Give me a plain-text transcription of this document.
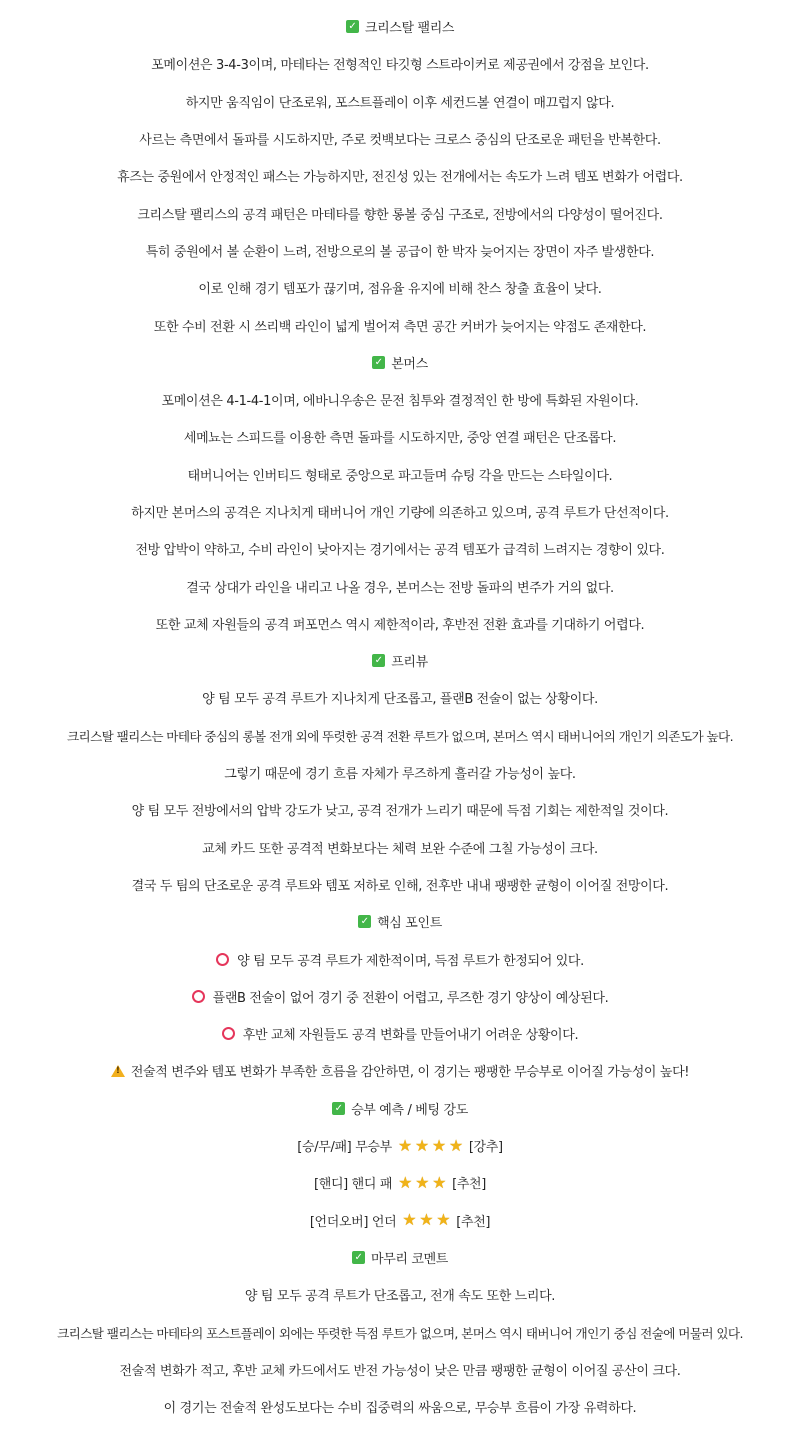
✓ 크리스탈 팰리스
포메이션은 3-4-3이며, 마테타는 전형적인 타깃형 스트라이커로 제공권에서 강점을 보인다.
하지만 움직임이 단조로워, 포스트플레이 이후 세컨드볼 연결이 매끄럽지 않다.
사르는 측면에서 돌파를 시도하지만, 주로 컷백보다는 크로스 중심의 단조로운 패턴을 반복한다.
휴즈는 중원에서 안정적인 패스는 가능하지만, 전진성 있는 전개에서는 속도가 느려 템포 변화가 어렵다.
크리스탈 팰리스의 공격 패턴은 마테타를 향한 롱볼 중심 구조로, 전방에서의 다양성이 떨어진다.
특히 중원에서 볼 순환이 느려, 전방으로의 볼 공급이 한 박자 늦어지는 장면이 자주 발생한다.
이로 인해 경기 템포가 끊기며, 점유율 유지에 비해 찬스 창출 효율이 낮다.
또한 수비 전환 시 쓰리백 라인이 넓게 벌어져 측면 공간 커버가 늦어지는 약점도 존재한다.
✓ 본머스
포메이션은 4-1-4-1이며, 에바니우송은 문전 침투와 결정적인 한 방에 특화된 자원이다.
세메뇨는 스피드를 이용한 측면 돌파를 시도하지만, 중앙 연결 패턴은 단조롭다.
태버니어는 인버티드 형태로 중앙으로 파고들며 슈팅 각을 만드는 스타일이다.
하지만 본머스의 공격은 지나치게 태버니어 개인 기량에 의존하고 있으며, 공격 루트가 단선적이다.
전방 압박이 약하고, 수비 라인이 낮아지는 경기에서는 공격 템포가 급격히 느려지는 경향이 있다.
결국 상대가 라인을 내리고 나올 경우, 본머스는 전방 돌파의 변주가 거의 없다.
또한 교체 자원들의 공격 퍼포먼스 역시 제한적이라, 후반전 전환 효과를 기대하기 어렵다.
✓ 프리뷰
양 팀 모두 공격 루트가 지나치게 단조롭고, 플랜B 전술이 없는 상황이다.
크리스탈 팰리스는 마테타 중심의 롱볼 전개 외에 뚜렷한 공격 전환 루트가 없으며, 본머스 역시 태버니어의 개인기 의존도가 높다.
그렇기 때문에 경기 흐름 자체가 루즈하게 흘러갈 가능성이 높다.
양 팀 모두 전방에서의 압박 강도가 낮고, 공격 전개가 느리기 때문에 득점 기회는 제한적일 것이다.
교체 카드 또한 공격적 변화보다는 체력 보완 수준에 그칠 가능성이 크다.
결국 두 팀의 단조로운 공격 루트와 템포 저하로 인해, 전후반 내내 팽팽한 균형이 이어질 전망이다.
✓ 핵심 포인트
양 팀 모두 공격 루트가 제한적이며, 득점 루트가 한정되어 있다.
플랜B 전술이 없어 경기 중 전환이 어렵고, 루즈한 경기 양상이 예상된다.
후반 교체 자원들도 공격 변화를 만들어내기 어려운 상황이다.
!
전술적 변주와 템포 변화가 부족한 흐름을 감안하면, 이 경기는 팽팽한 무승부로 이어질 가능성이 높다!
✓ 승부 예측 / 베팅 강도
[승/무/패] 무승부 ★ ★ ★ ★ [강추]
[핸디] 핸디 패 ★ ★ ★ [추천]
[언더오버] 언더 ★ ★ ★ [추천]
✓ 마무리 코멘트
양 팀 모두 공격 루트가 단조롭고, 전개 속도 또한 느리다.
크리스탈 팰리스는 마테타의 포스트플레이 외에는 뚜렷한 득점 루트가 없으며, 본머스 역시 태버니어 개인기 중심 전술에 머물러 있다.
전술적 변화가 적고, 후반 교체 카드에서도 반전 가능성이 낮은 만큼 팽팽한 균형이 이어질 공산이 크다.
이 경기는 전술적 완성도보다는 수비 집중력의 싸움으로, 무승부 흐름이 가장 유력하다.
